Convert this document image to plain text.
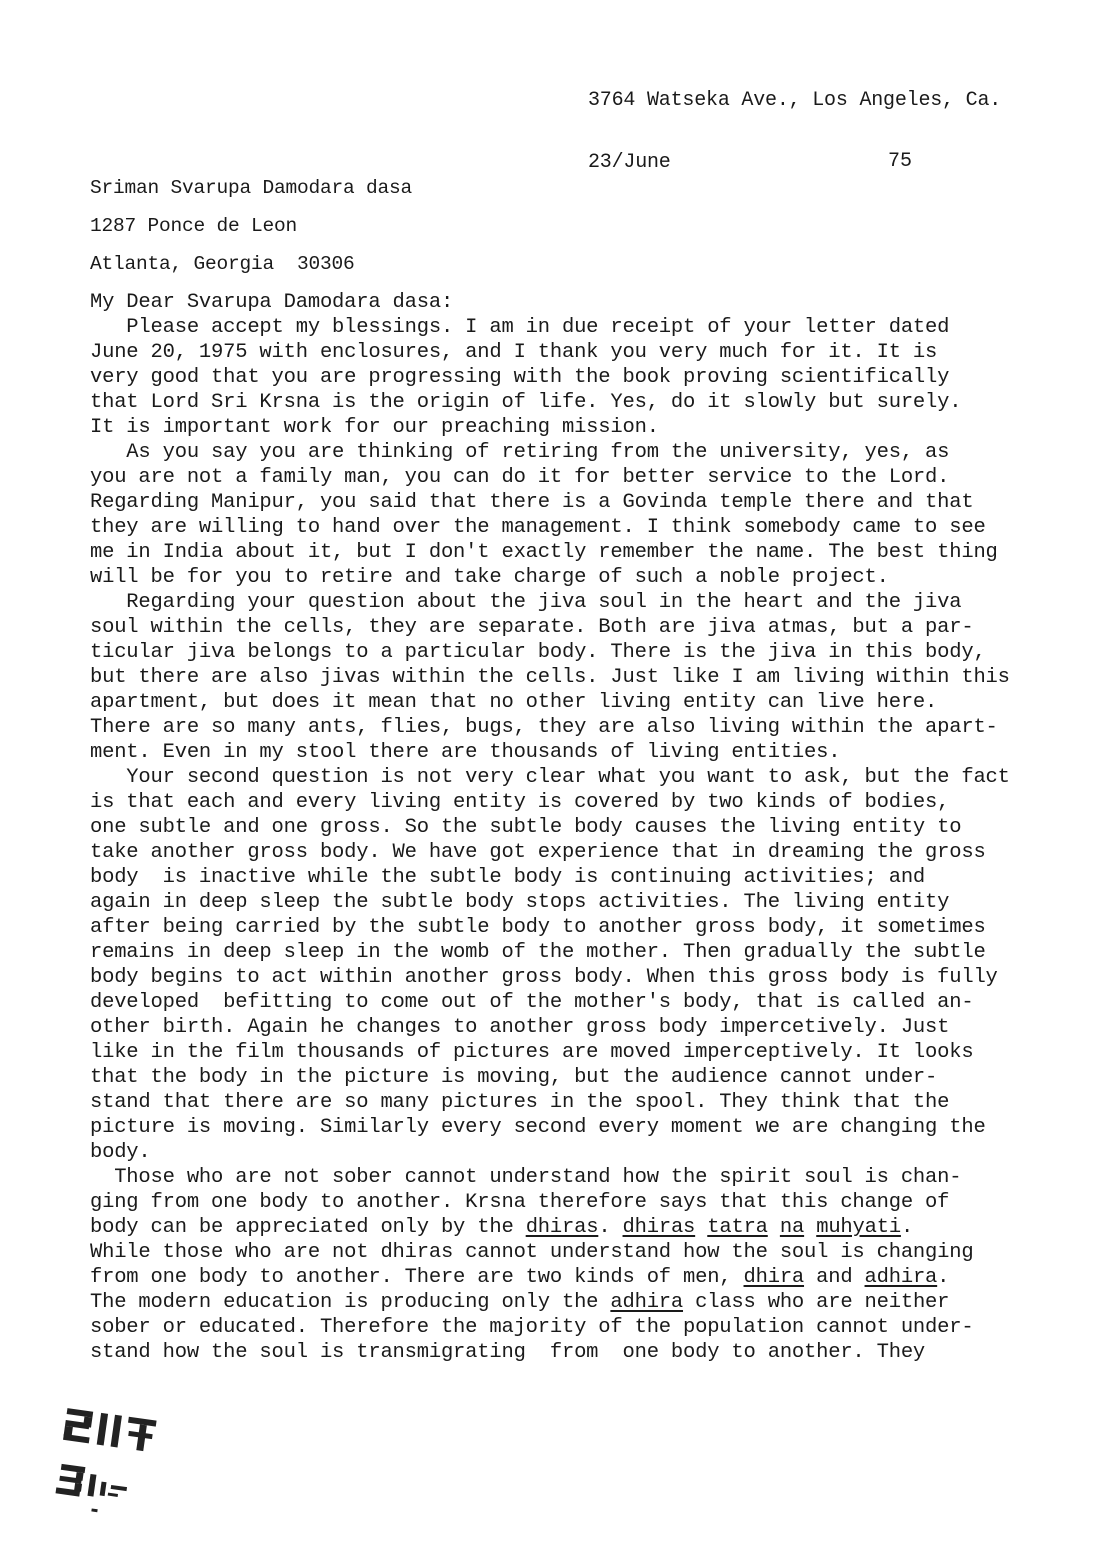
3764 Watseka Ave., Los Angeles, Ca.
23/June	75
Sriman Svarupa Damodara dasa
1287 Ponce de Leon
Atlanta, Georgia  30306
My Dear Svarupa Damodara dasa:
Please accept my blessings. I am in due receipt of your letter dated
June 20, 1975 with enclosures, and I thank you very much for it. It is
very good that you are progressing with the book proving scientifically
that Lord Sri Krsna is the origin of life. Yes, do it slowly but surely.
It is important work for our preaching mission.
As you say you are thinking of retiring from the university, yes, as
you are not a family man, you can do it for better service to the Lord.
Regarding Manipur, you said that there is a Govinda temple there and that
they are willing to hand over the management. I think somebody came to see
me in India about it, but I don't exactly remember the name. The best thing
will be for you to retire and take charge of such a noble project.
Regarding your question about the jiva soul in the heart and the jiva
soul within the cells, they are separate. Both are jiva atmas, but a par-
ticular jiva belongs to a particular body. There is the jiva in this body,
but there are also jivas within the cells. Just like I am living within this
apartment, but does it mean that no other living entity can live here.
There are so many ants, flies, bugs, they are also living within the apart-
ment. Even in my stool there are thousands of living entities.
Your second question is not very clear what you want to ask, but the fact
is that each and every living entity is covered by two kinds of bodies,
one subtle and one gross. So the subtle body causes the living entity to
take another gross body. We have got experience that in dreaming the gross
body  is inactive while the subtle body is continuing activities; and
again in deep sleep the subtle body stops activities. The living entity
after being carried by the subtle body to another gross body, it sometimes
remains in deep sleep in the womb of the mother. Then gradually the subtle
body begins to act within another gross body. When this gross body is fully
developed  befitting to come out of the mother's body, that is called an-
other birth. Again he changes to another gross body impercetively. Just
like in the film thousands of pictures are moved imperceptively. It looks
that the body in the picture is moving, but the audience cannot under-
stand that there are so many pictures in the spool. They think that the
picture is moving. Similarly every second every moment we are changing the
body.
Those who are not sober cannot understand how the spirit soul is chan-
ging from one body to another. Krsna therefore says that this change of
body can be appreciated only by the dhiras. dhiras tatra na muhyati.
While those who are not dhiras cannot understand how the soul is changing
from one body to another. There are two kinds of men, dhira and adhira.
The modern education is producing only the adhira class who are neither
sober or educated. Therefore the majority of the population cannot under-
stand how the soul is transmigrating  from  one body to another. They
